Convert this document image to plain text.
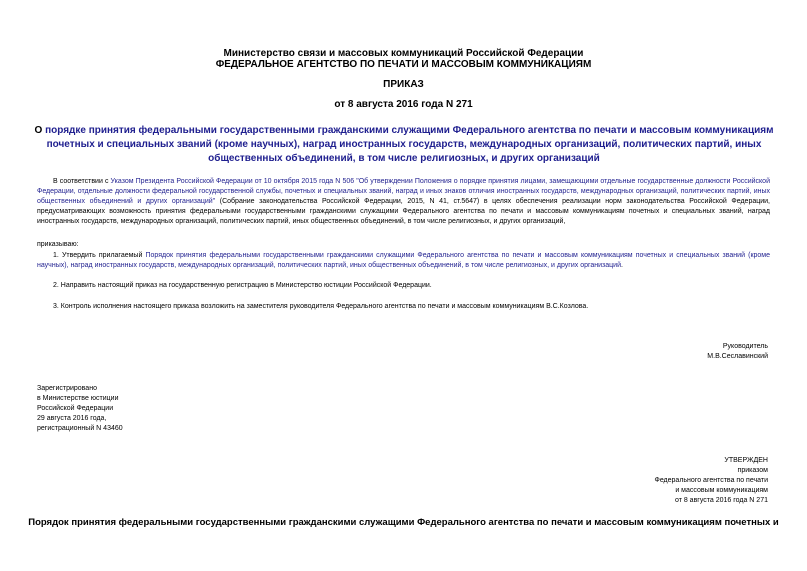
Министерство связи и массовых коммуникаций Российской Федерации
ФЕДЕРАЛЬНОЕ АГЕНТСТВО ПО ПЕЧАТИ И МАССОВЫМ КОММУНИКАЦИЯМ
ПРИКАЗ
от 8 августа 2016 года N 271
О порядке принятия федеральными государственными гражданскими служащими Федерального агентства по печати и массовым коммуникациям почетных и специальных званий (кроме научных), наград иностранных государств, международных организаций, политических партий, иных общественных объединений, в том числе религиозных, и других организаций
В соответствии с Указом Президента Российской Федерации от 10 октября 2015 года N 506 "Об утверждении Положения о порядке принятия лицами, замещающими отдельные государственные должности Российской Федерации, отдельные должности федеральной государственной службы, почетных и специальных званий, наград и иных знаков отличия иностранных государств, международных организаций, политических партий, иных общественных объединений и других организаций" (Собрание законодательства Российской Федерации, 2015, N 41, ст.5647) в целях обеспечения реализации норм законодательства Российской Федерации, предусматривающих возможность принятия федеральными государственными гражданскими служащими Федерального агентства по печати и массовым коммуникациям почетных и специальных званий, наград иностранных государств, международных организаций, политических партий, иных общественных объединений, в том числе религиозных, и других организаций,
приказываю:
1. Утвердить прилагаемый Порядок принятия федеральными государственными гражданскими служащими Федерального агентства по печати и массовым коммуникациям почетных и специальных званий (кроме научных), наград иностранных государств, международных организаций, политических партий, иных общественных объединений, в том числе религиозных, и других организаций.
2. Направить настоящий приказ на государственную регистрацию в Министерство юстиции Российской Федерации.
3. Контроль исполнения настоящего приказа возложить на заместителя руководителя Федерального агентства по печати и массовым коммуникациям В.С.Козлова.
Руководитель
М.В.Сеславинский
Зарегистрировано
в Министерстве юстиции
Российской Федерации
29 августа 2016 года,
регистрационный N 43460
УТВЕРЖДЕН
приказом
Федерального агентства по печати
и массовым коммуникациям
от 8 августа 2016 года N 271
Порядок принятия федеральными государственными гражданскими служащими Федерального агентства по печати и массовым коммуникациям почетных и
